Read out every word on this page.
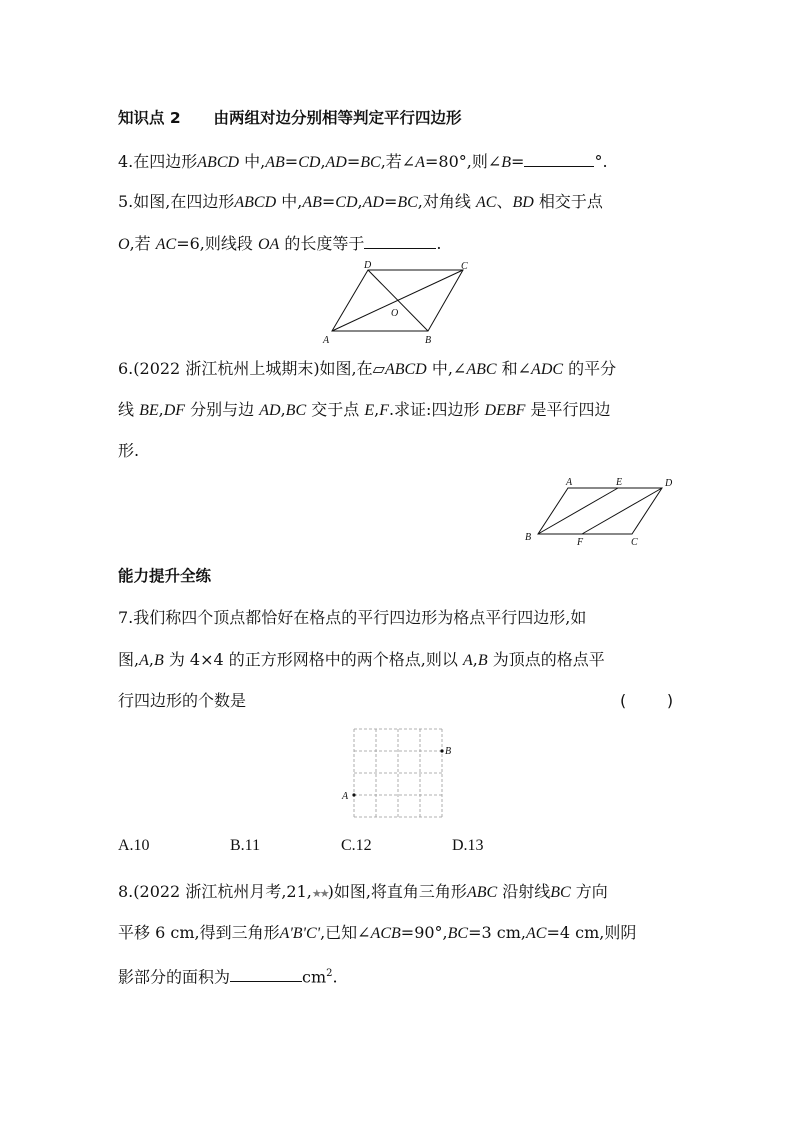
知识点 2 由两组对边分别相等判定平行四边形
4.在四边形ABCD 中,AB=CD,AD=BC,若∠A=80°,则∠B=	°.
5.如图,在四边形ABCD 中,AB=CD,AD=BC,对角线 AC、BD 相交于点
O,若 AC=6,则线段 OA 的长度等于	.
A	B
C
D
O
6.(2022 浙江杭州上城期末)如图,在▱ABCD 中,∠ABC 和∠ADC 的平分
线 BE,DF 分别与边 AD,BC 交于点 E,F.求证:四边形 DEBF 是平行四边
形.
A	E	D
B	F	C
能力提升全练
7.我们称四个顶点都恰好在格点的平行四边形为格点平行四边形,如
图,A,B 为 4×4 的正方形网格中的两个格点,则以 A,B 为顶点的格点平
行四边形的个数是	(        )
A
B
A.10	B.11	C.12	D.13
8.(2022 浙江杭州月考,21,★★)如图,将直角三角形ABC 沿射线BC 方向
平移 6 cm,得到三角形A'B'C',已知∠ACB=90°,BC=3 cm,AC=4 cm,则阴
影部分的面积为	$cm^2$.
